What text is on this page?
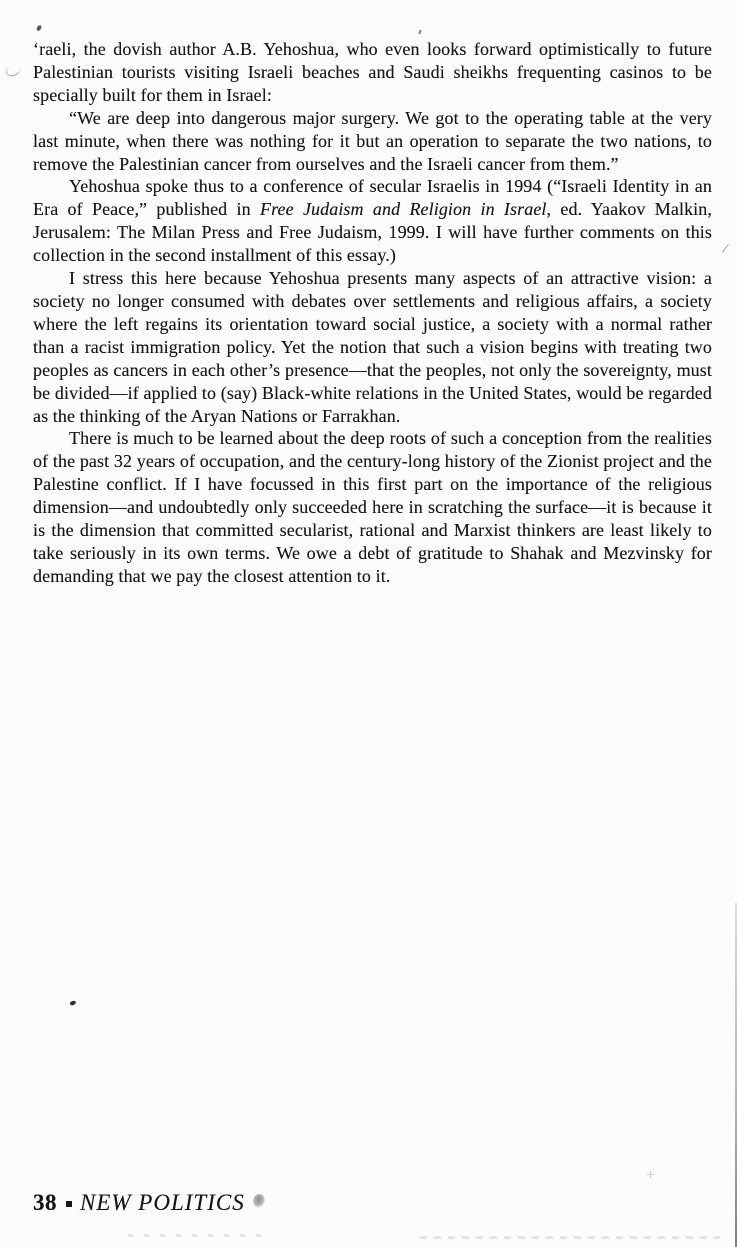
‘raeli, the dovish author A.B. Yehoshua, who even looks forward optimistically to future Palestinian tourists visiting Israeli beaches and Saudi sheikhs frequenting casinos to be specially built for them in Israel:

“We are deep into dangerous major surgery. We got to the operating table at the very last minute, when there was nothing for it but an operation to separate the two nations, to remove the Palestinian cancer from ourselves and the Israeli cancer from them.”

Yehoshua spoke thus to a conference of secular Israelis in 1994 (“Israeli Identity in an Era of Peace,” published in Free Judaism and Religion in Israel, ed. Yaakov Malkin, Jerusalem: The Milan Press and Free Judaism, 1999. I will have further comments on this collection in the second installment of this essay.)

I stress this here because Yehoshua presents many aspects of an attractive vision: a society no longer consumed with debates over settlements and religious affairs, a society where the left regains its orientation toward social justice, a society with a normal rather than a racist immigration policy. Yet the notion that such a vision begins with treating two peoples as cancers in each other’s presence—that the peoples, not only the sovereignty, must be divided—if applied to (say) Black-white relations in the United States, would be regarded as the thinking of the Aryan Nations or Farrakhan.

There is much to be learned about the deep roots of such a conception from the realities of the past 32 years of occupation, and the century-long history of the Zionist project and the Palestine conflict. If I have focussed in this first part on the importance of the religious dimension—and undoubtedly only succeeded here in scratching the surface—it is because it is the dimension that committed secularist, rational and Marxist thinkers are least likely to take seriously in its own terms. We owe a debt of gratitude to Shahak and Mezvinsky for demanding that we pay the closest attention to it.

38 NEW POLITICS
